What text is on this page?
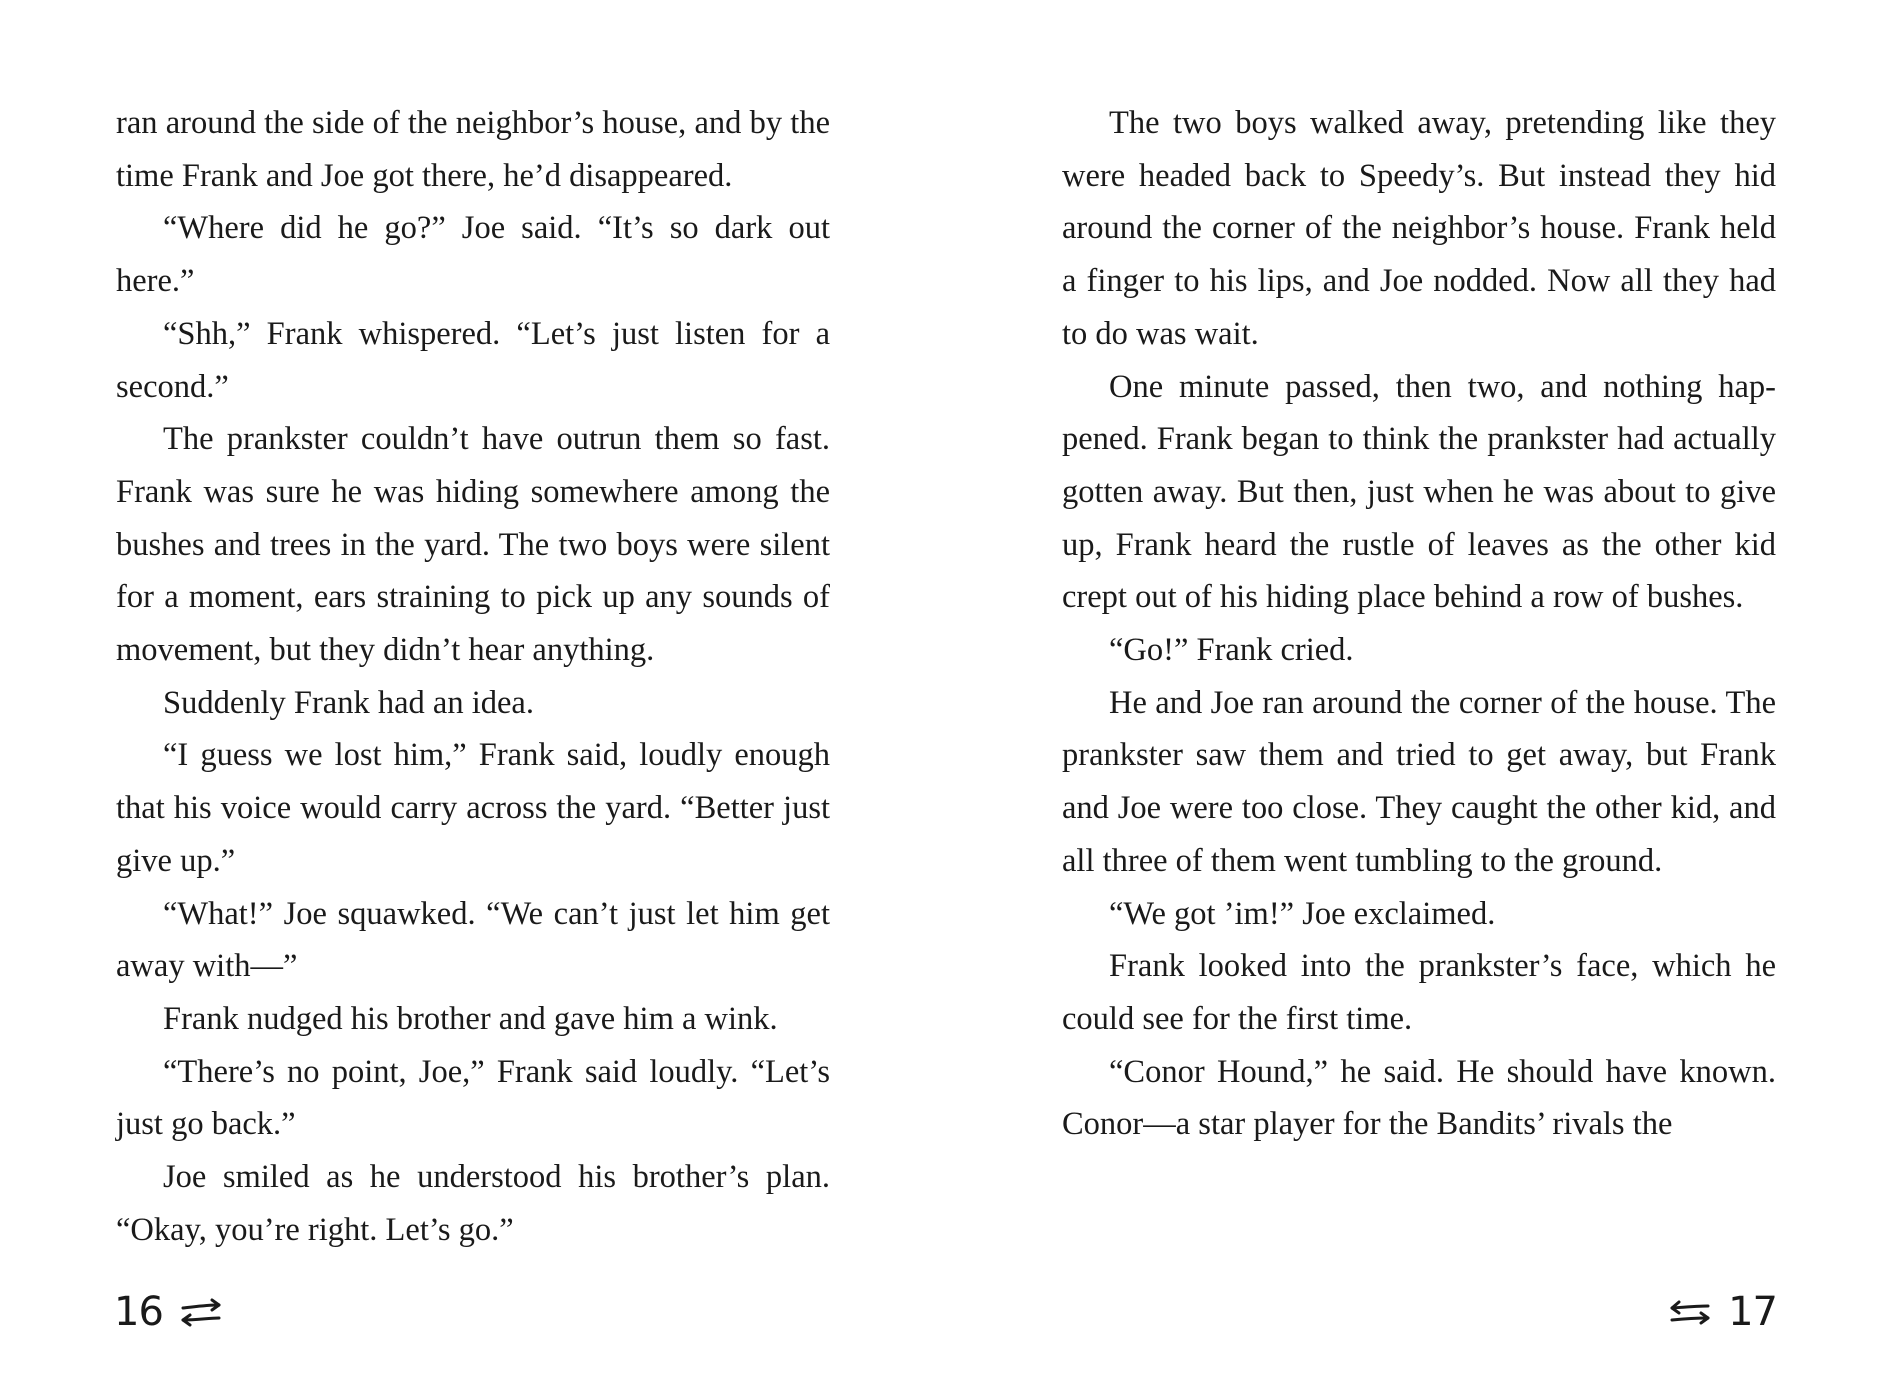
ran around the side of the neighbor’s house, and by the time Frank and Joe got there, he’d disappeared.

“Where did he go?” Joe said. “It’s so dark out here.”

“Shh,” Frank whispered. “Let’s just listen for a second.”

The prankster couldn’t have outrun them so fast. Frank was sure he was hiding somewhere among the bushes and trees in the yard. The two boys were silent for a moment, ears straining to pick up any sounds of movement, but they didn’t hear anything.

Suddenly Frank had an idea.

“I guess we lost him,” Frank said, loudly enough that his voice would carry across the yard. “Better just give up.”

“What!” Joe squawked. “We can’t just let him get away with—”

Frank nudged his brother and gave him a wink.

“There’s no point, Joe,” Frank said loudly. “Let’s just go back.”

Joe smiled as he understood his brother’s plan. “Okay, you’re right. Let’s go.”

The two boys walked away, pretending like they were headed back to Speedy’s. But instead they hid around the corner of the neighbor’s house. Frank held a finger to his lips, and Joe nodded. Now all they had to do was wait.

One minute passed, then two, and nothing happened. Frank began to think the prankster had actually gotten away. But then, just when he was about to give up, Frank heard the rustle of leaves as the other kid crept out of his hiding place behind a row of bushes.

“Go!” Frank cried.

He and Joe ran around the corner of the house. The prankster saw them and tried to get away, but Frank and Joe were too close. They caught the other kid, and all three of them went tumbling to the ground.

“We got ’im!” Joe exclaimed.

Frank looked into the prankster’s face, which he could see for the first time.

“Conor Hound,” he said. He should have known. Conor—a star player for the Bandits’ rivals the

16	17
